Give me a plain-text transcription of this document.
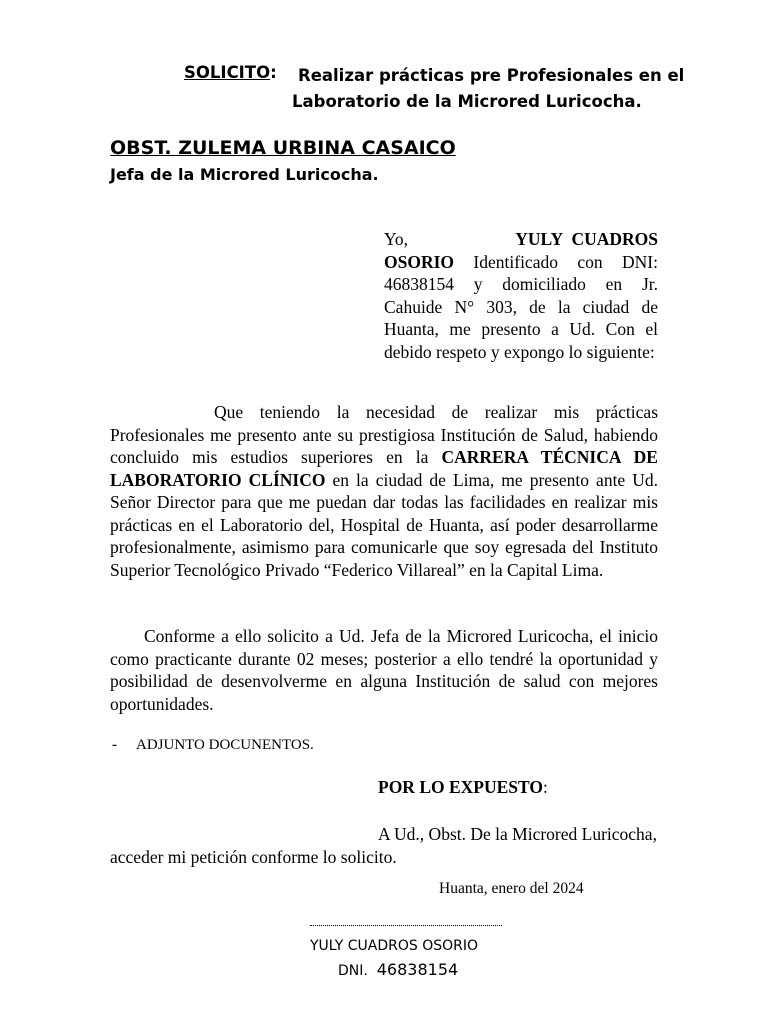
SOLICITO: Realizar prácticas pre Profesionales en el
Laboratorio de la Microred Luricocha.
OBST. ZULEMA URBINA CASAICO
Jefa de la Microred Luricocha.
Yo,	YULY CUADROS OSORIO Identificado con DNI: 46838154 y domiciliado en Jr. Cahuide N° 303, de la ciudad de Huanta, me presento a Ud. Con el debido respeto y expongo lo siguiente:
Que teniendo la necesidad de realizar mis prácticas Profesionales me presento ante su prestigiosa Institución de Salud, habiendo concluido mis estudios superiores en la CARRERA TÉCNICA DE LABORATORIO CLÍNICO en la ciudad de Lima, me presento ante Ud. Señor Director para que me puedan dar todas las facilidades en realizar mis prácticas en el Laboratorio del, Hospital de Huanta, así poder desarrollarme profesionalmente, asimismo para comunicarle que soy egresada del Instituto Superior Tecnológico Privado “Federico Villareal” en la Capital Lima.
Conforme a ello solicito a Ud. Jefa de la Microred Luricocha, el inicio como practicante durante 02 meses; posterior a ello tendré la oportunidad y posibilidad de desenvolverme en alguna Institución de salud con mejores oportunidades.
- ADJUNTO DOCUNENTOS.
POR LO EXPUESTO:
A Ud., Obst. De la Microred Luricocha, acceder mi petición conforme lo solicito.
Huanta, enero del 2024
YULY CUADROS OSORIO
DNI. 46838154
